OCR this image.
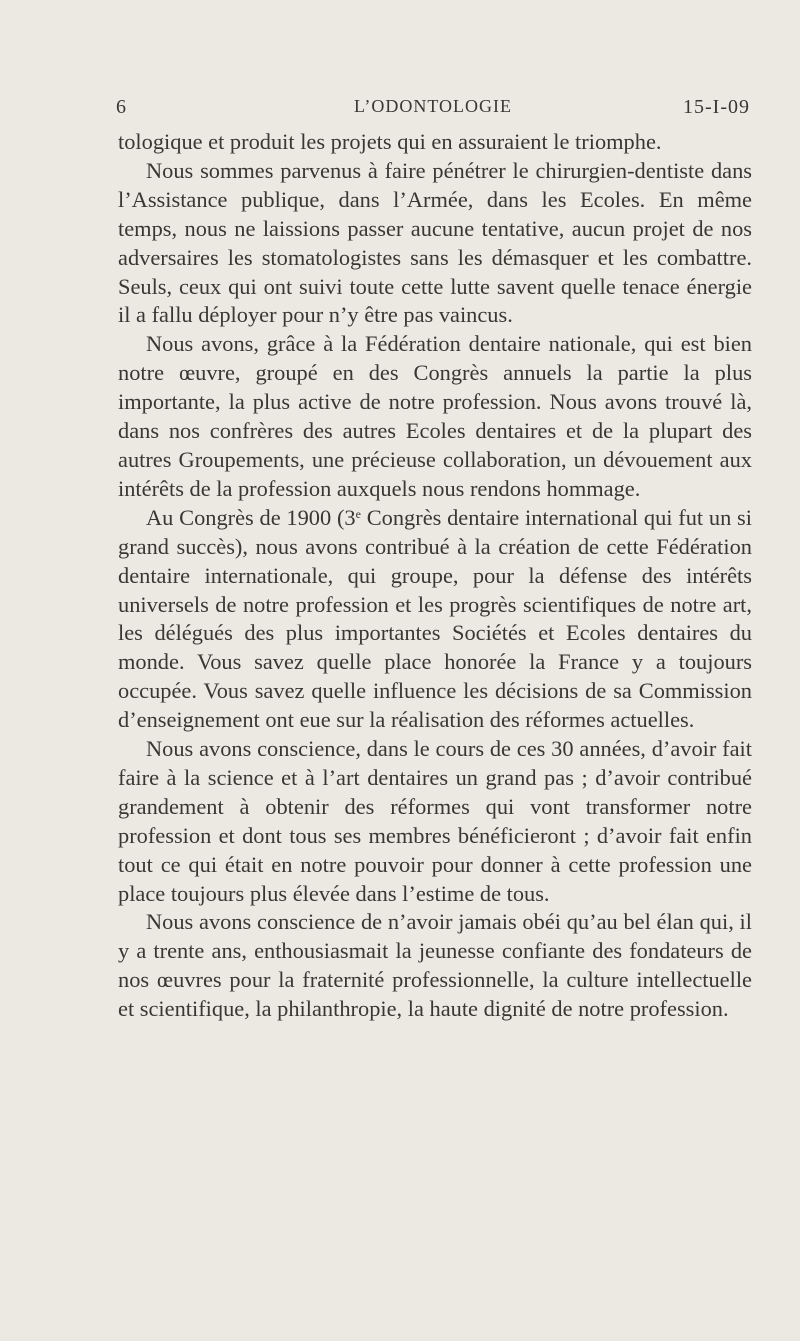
6	L’ODONTOLOGIE	15-I-09

tologique et produit les projets qui en assuraient le triomphe.

Nous sommes parvenus à faire pénétrer le chirurgien-dentiste dans l’Assistance publique, dans l’Armée, dans les Ecoles. En même temps, nous ne laissions passer aucune tentative, aucun projet de nos adversaires les stomatologistes sans les démasquer et les combattre. Seuls, ceux qui ont suivi toute cette lutte savent quelle tenace énergie il a fallu déployer pour n’y être pas vaincus.

Nous avons, grâce à la Fédération dentaire nationale, qui est bien notre œuvre, groupé en des Congrès annuels la partie la plus importante, la plus active de notre profession. Nous avons trouvé là, dans nos confrères des autres Ecoles dentaires et de la plupart des autres Groupements, une précieuse collaboration, un dévouement aux intérêts de la profession auxquels nous rendons hommage.

Au Congrès de 1900 (3e Congrès dentaire international qui fut un si grand succès), nous avons contribué à la création de cette Fédération dentaire internationale, qui groupe, pour la défense des intérêts universels de notre profession et les progrès scientifiques de notre art, les délégués des plus importantes Sociétés et Ecoles dentaires du monde. Vous savez quelle place honorée la France y a toujours occupée. Vous savez quelle influence les décisions de sa Commission d’enseignement ont eue sur la réalisation des réformes actuelles.

Nous avons conscience, dans le cours de ces 30 années, d’avoir fait faire à la science et à l’art dentaires un grand pas ; d’avoir contribué grandement à obtenir des réformes qui vont transformer notre profession et dont tous ses membres bénéficieront ; d’avoir fait enfin tout ce qui était en notre pouvoir pour donner à cette profession une place toujours plus élevée dans l’estime de tous.

Nous avons conscience de n’avoir jamais obéi qu’au bel élan qui, il y a trente ans, enthousiasmait la jeunesse confiante des fondateurs de nos œuvres pour la fraternité professionnelle, la culture intellectuelle et scientifique, la philanthropie, la haute dignité de notre profession.
